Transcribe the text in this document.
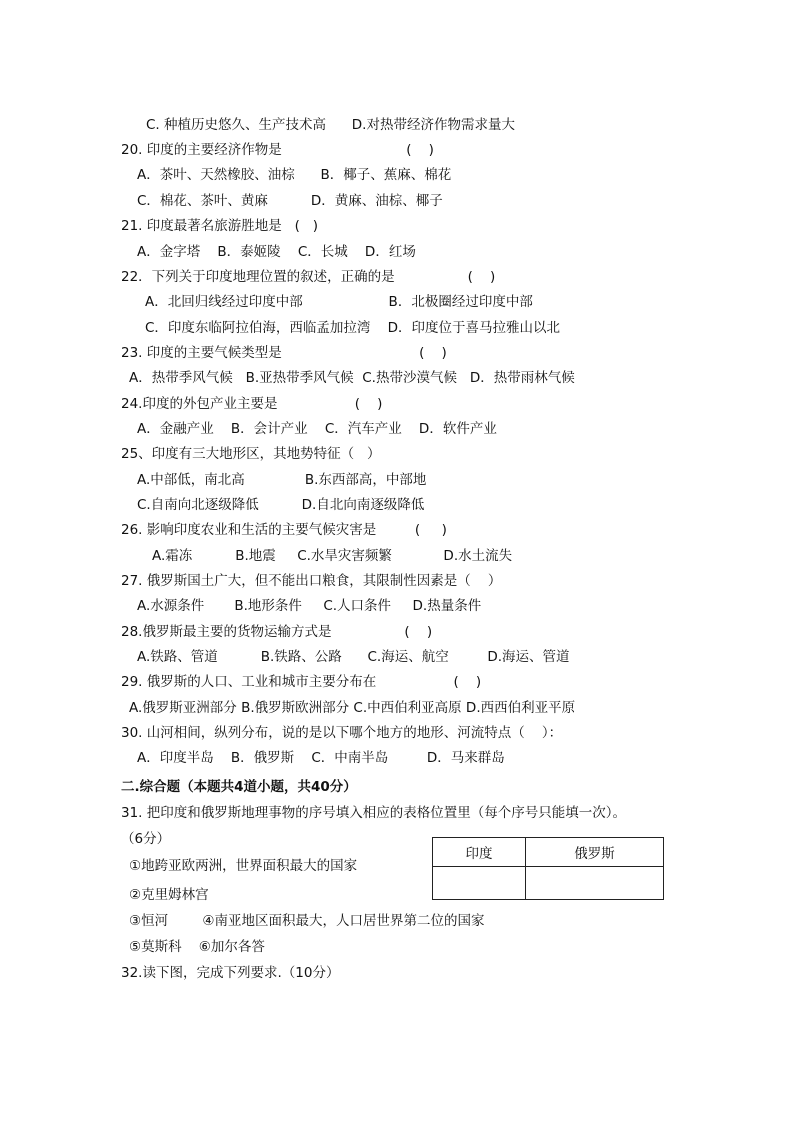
C. 种植历史悠久、生产技术高      D.对热带经济作物需求量大
20. 印度的主要经济作物是                             (    )
A．茶叶、天然橡胶、油棕      B．椰子、蕉麻、棉花
C．棉花、茶叶、黄麻          D．黄麻、油棕、椰子
21. 印度最著名旅游胜地是   (   )
A．金字塔    B．泰姬陵    C．长城    D．红场
22．下列关于印度地理位置的叙述，正确的是                 (    )
A．北回归线经过印度中部                    B．北极圈经过印度中部
C．印度东临阿拉伯海，西临孟加拉湾    D．印度位于喜马拉雅山以北
23. 印度的主要气候类型是                                (    )
A．热带季风气候   B.亚热带季风气候  C.热带沙漠气候   D．热带雨林气候
24.印度的外包产业主要是                  (    )
A．金融产业    B．会计产业    C．汽车产业    D．软件产业
25、印度有三大地形区，其地势特征（   ）
A.中部低，南北高              B.东西部高，中部地
C.自南向北逐级降低          D.自北向南逐级降低
26. 影响印度农业和生活的主要气候灾害是         (     )
A.霜冻          B.地震     C.水旱灾害频繁            D.水土流失
27. 俄罗斯国土广大，但不能出口粮食，其限制性因素是（    ）
A.水源条件       B.地形条件     C.人口条件     D.热量条件
28.俄罗斯最主要的货物运输方式是                 (    )
A.铁路、管道          B.铁路、公路      C.海运、航空         D.海运、管道
29. 俄罗斯的人口、工业和城市主要分布在                  (    )
A.俄罗斯亚洲部分 B.俄罗斯欧洲部分 C.中西伯利亚高原 D.西西伯利亚平原
30. 山河相间，纵列分布，说的是以下哪个地方的地形、河流特点（    ）：
A．印度半岛    B．俄罗斯    C．中南半岛         D．马来群岛
二.综合题（本题共4道小题，共40分）
31. 把印度和俄罗斯地理事物的序号填入相应的表格位置里（每个序号只能填一次）。
（6分）
①地跨亚欧两洲，世界面积最大的国家
②克里姆林宫
③恒河        ④南亚地区面积最大，人口居世界第二位的国家
⑤莫斯科    ⑥加尔各答
32.读下图，完成下列要求.（10分）
印度	俄罗斯
